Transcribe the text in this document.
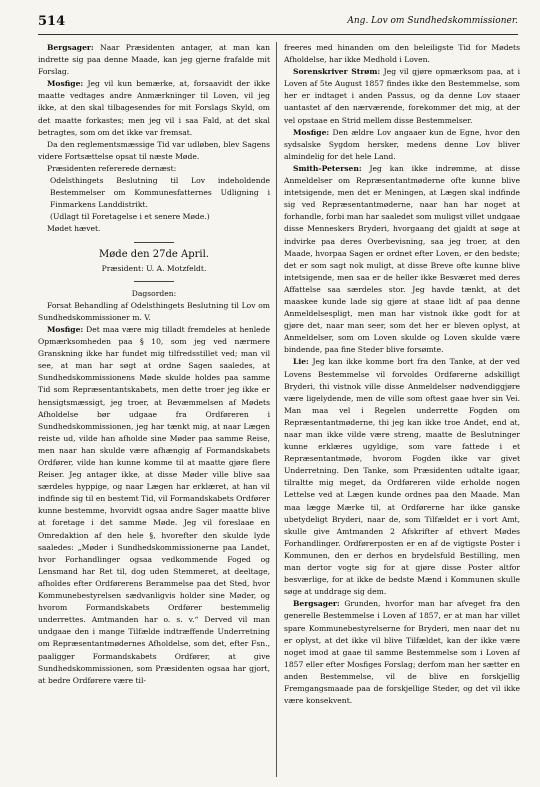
514	Ang. Lov om Sundhedskommissioner.

Bergsager: Naar Præsidenten antager, at man kan indrette sig paa denne Maade, kan jeg gjerne frafalde mit Forslag.

Mosfige: Jeg vil kun bemærke, at, forsaavidt der ikke maatte vedtages andre Anmærkninger til Loven, vil jeg ikke, at den skal tilbagesendes for mit Forslags Skyld, om det maatte forkastes; men jeg vil i saa Fald, at det skal betragtes, som om det ikke var fremsat.

Da den reglementsmæssige Tid var udløben, blev Sagens videre Fortsættelse opsat til næste Møde.

Præsidenten refererede dernæst:

Odelsthingets Beslutning til Lov indeholdende Bestemmelser om Kommunesfatternes Udligning i Finmarkens Landdistrikt.

(Udlagt til Foretagelse i et senere Møde.)

Mødet hævet.

Møde den 27de April.

Præsident: U. A. Motzfeldt.

Dagsorden:

Forsat Behandling af Odelsthingets Beslutning til Lov om Sundhedskommissioner m. V.

Mosfige: Det maa være mig tilladt fremdeles at henlede Opmærksomheden paa § 10, som jeg ved nærmere Granskning ikke har fundet mig tilfredsstillet ved; man vil see, at man har søgt at ordne Sagen saaledes, at Sundhedskommissionens Møde skulde holdes paa samme Tid som Repræsentantskabets, men dette troer jeg ikke er hensigtsmæssigt, jeg troer, at Bevæmmelsen af Mødets Afholdelse bør udgaae fra Ordføreren i Sundhedskommissionen, jeg har tænkt mig, at naar Lægen reiste ud, vilde han afholde sine Møder paa samme Reise, men naar han skulde være afhængig af Formandskabets Ordfører, vilde han kunne komme til at maatte gjøre flere Reiser. Jeg antager ikke, at disse Møder ville blive saa særdeles hyppige, og naar Lægen har erklæret, at han vil indfinde sig til en bestemt Tid, vil Formandskabets Ordfører kunne bestemme, hvorvidt ogsaa andre Sager maatte blive at foretage i det samme Møde. Jeg vil foreslaae en Omredaktion af den hele §, hvorefter den skulde lyde saaledes: „Møder i Sundhedskommissionerne paa Landet, hvor Forhandlinger ogsaa vedkommende Foged og Lensmand har Ret til, dog uden Stemmeret, at deeltage, afholdes efter Ordførerens Berammelse paa det Sted, hvor Kommunebestyrelsen sædvanligvis holder sine Møder, og hvorom Formandskabets Ordfører bestemmelig underrettes. Amtmanden har o. s. v.“ Derved vil man undgaae den i mange Tilfælde indtræffende Underretning om Repræsentantmødernes Afholdelse, som det, efter Fsn., paaligger Formandskabets Ordfører, at give Sundhedskommissionen, som Præsidenten ogsaa har gjort, at bedre Ordførere være til-

freeres med hinanden om den beleiligste Tid for Mødets Afholdelse, har ikke Medhold i Loven.

Sorenskriver Strøm: Jeg vil gjøre opmærksom paa, at i Loven af 5te August 1857 findes ikke den Bestemmelse, som her er indtaget i anden Passus, og da denne Lov staaer uantastet af den nærværende, forekommer det mig, at der vel opstaae en Strid mellem disse Bestemmelser.

Mosfige: Den ældre Lov angaaer kun de Egne, hvor den sydsalske Sygdom hersker, medens denne Lov bliver almindelig for det hele Land.

Smith-Petersen: Jeg kan ikke indrømme, at disse Anmeldelser om Repræsentantmøderne ofte kunne blive intetsigende, men det er Meningen, at Lægen skal indfinde sig ved Repræsentantmøderne, naar han har noget at forhandle, forbi man har saaledet som muligst villet undgaae disse Menneskers Bryderi, hvorgaang det gjaldt at søge at indvirke paa deres Overbevisning, saa jeg troer, at den Maade, hvorpaa Sagen er ordnet efter Loven, er den bedste; det er som sagt nok muligt, at disse Breve ofte kunne blive intetsigende, men saa er de heller ikke Besværet med deres Affattelse saa særdeles stor. Jeg havde tænkt, at det maaskee kunde lade sig gjøre at staae lidt af paa denne Anmeldelsespligt, men man har vistnok ikke godt for at gjøre det, naar man seer, som det her er bleven oplyst, at Anmeldelser, som om Loven skulde og Loven skulde være bindende, paa fine Steder blive forsømte.

Lie: Jeg kan ikke komme bort fra den Tanke, at der ved Lovens Bestemmelse vil forvoldes Ordførerne adskilligt Bryderi, thi vistnok ville disse Anmeldelser nødvendiggjøre være ligelydende, men de ville som oftest gaae hver sin Vei. Man maa vel i Regelen underrette Fogden om Repræsentantmøderne, thi jeg kan ikke troe Andet, end at, naar man ikke vilde være streng, maatte de Beslutninger kunne erklæres ugyldige, som vare fattede i et Repræsentantmøde, hvorom Fogden ikke var givet Underretning. Den Tanke, som Præsidenten udtalte igaar, tilraltte mig meget, da Ordføreren vilde erholde nogen Lettelse ved at Lægen kunde ordnes paa den Maade. Man maa lægge Mærke til, at Ordførerne har ikke ganske ubetydeligt Bryderi, naar de, som Tilfældet er i vort Amt, skulle give Amtmanden 2 Afskrifter af ethvert Mødes Forhandlinger. Ordførerposten er en af de vigtigste Poster i Kommunen, den er derhos en brydelsfuld Bestilling, men man dertor vogte sig for at gjøre disse Poster altfor besværlige, for at ikke de bedste Mænd i Kommunen skulle søge at unddrage sig dem.

Bergsager: Grunden, hvorfor man har afveget fra den generelle Bestemmelse i Loven af 1857, er at man har villet spare Kommunebestyrelserne for Bryderi, men naar det nu er oplyst, at det ikke vil blive Tilfældet, kan der ikke være noget imod at gaae til samme Bestemmelse som i Loven af 1857 eller efter Mosfiges Forslag; derfom man her sætter en anden Bestemmelse, vil de blive en forskjellig Fremgangsmaade paa de forskjellige Steder, og det vil ikke være konsekvent.
